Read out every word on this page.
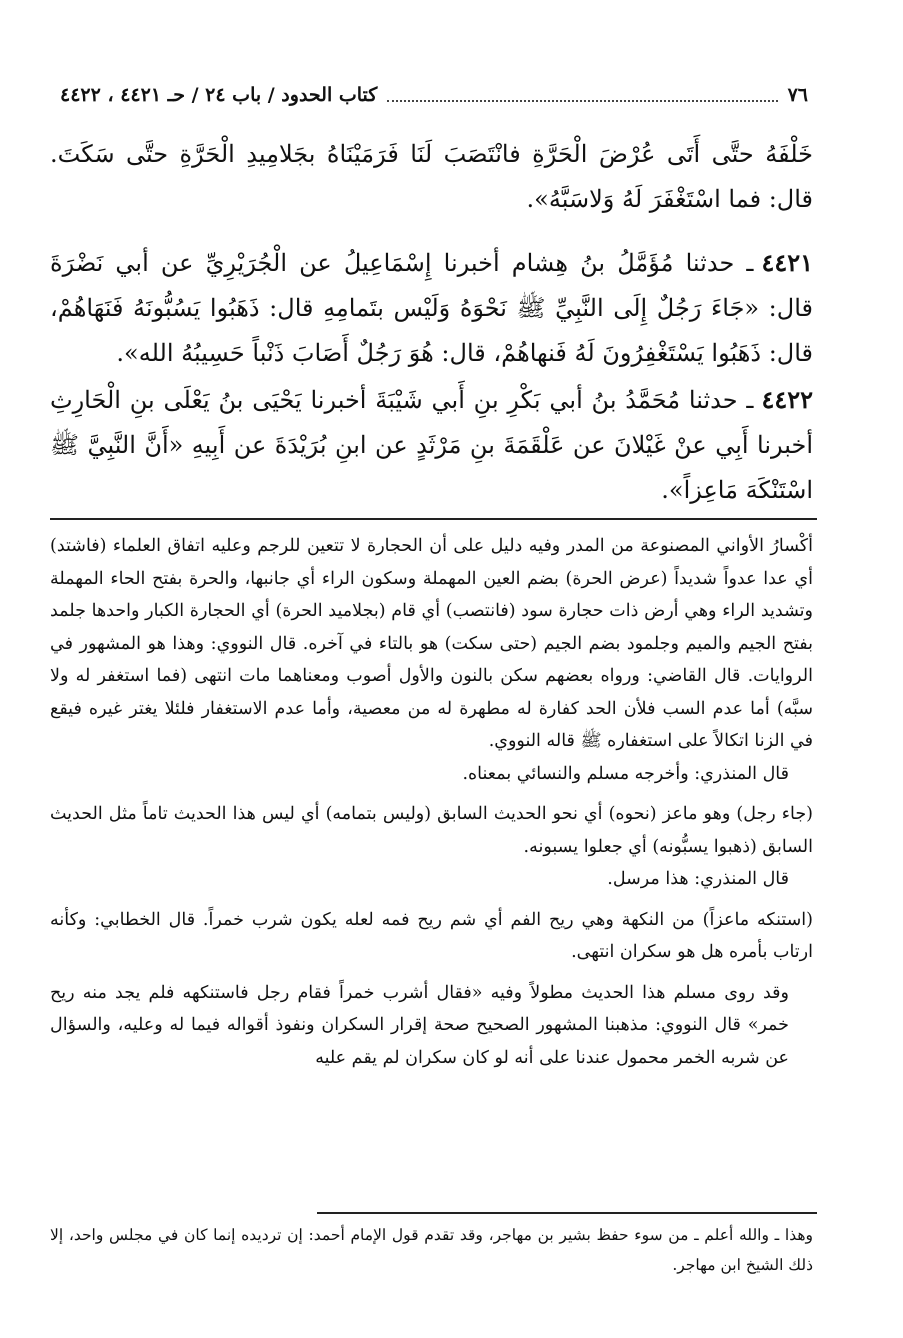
٧٦
كتاب الحدود / باب ٢٤ / حـ ٤٤٢١ ، ٤٤٢٢

خَلْفَهُ حتَّى أَتَى عُرْضَ الْحَرَّةِ فانْتَصَبَ لَنَا فَرَمَيْنَاهُ بجَلامِيدِ الْحَرَّةِ حتَّى سَكَتَ. قال: فما اسْتَغْفَرَ لَهُ وَلاسَبَّهُ».

٤٤٢١ـ حدثنا مُؤَمَّلُ بنُ هِشام أخبرنا إِسْمَاعِيلُ عن الْجُرَيْرِيِّ عن أبي نَضْرَةَ قال: «جَاءَ رَجُلٌ إِلَى النَّبِيِّ ﷺ نَحْوَهُ وَلَيْس بتَمامِهِ قال: ذَهَبُوا يَسُبُّونَهُ فَنَهَاهُمْ، قال: ذَهَبُوا يَسْتَغْفِرُونَ لَهُ فَنهاهُمْ، قال: هُوَ رَجُلٌ أَصَابَ ذَنْباً حَسِيبُهُ الله».

٤٤٢٢ـ حدثنا مُحَمَّدُ بنُ أبي بَكْرِ بنِ أَبي شَيْبَةَ أخبرنا يَحْيَى بنُ يَعْلَى بنِ الْحَارِثِ أخبرنا أَبِي عنْ غَيْلانَ عن عَلْقَمَةَ بنِ مَرْثَدٍ عن ابنِ بُرَيْدَةَ عن أَبِيهِ «أَنَّ النَّبِيَّ ﷺ اسْتَنْكَهَ مَاعِزاً».

أكْسارُ الأواني المصنوعة من المدر وفيه دليل على أن الحجارة لا تتعين للرجم وعليه اتفاق العلماء (فاشتد) أي عدا عدواً شديداً (عرض الحرة) بضم العين المهملة وسكون الراء أي جانبها، والحرة بفتح الحاء المهملة وتشديد الراء وهي أرض ذات حجارة سود (فانتصب) أي قام (بجلاميد الحرة) أي الحجارة الكبار واحدها جلمد بفتح الجيم والميم وجلمود بضم الجيم (حتى سكت) هو بالتاء في آخره. قال النووي: وهذا هو المشهور في الروايات. قال القاضي: ورواه بعضهم سكن بالنون والأول أصوب ومعناهما مات انتهى (فما استغفر له ولا سبَّه) أما عدم السب فلأن الحد كفارة له مطهرة له من معصية، وأما عدم الاستغفار فلئلا يغتر غيره فيقع في الزنا اتكالاً على استغفاره ﷺ قاله النووي.

قال المنذري: وأخرجه مسلم والنسائي بمعناه.

(جاء رجل) وهو ماعز (نحوه) أي نحو الحديث السابق (وليس بتمامه) أي ليس هذا الحديث تاماً مثل الحديث السابق (ذهبوا يسبُّونه) أي جعلوا يسبونه.

قال المنذري: هذا مرسل.

(استنكه ماعزاً) من النكهة وهي ريح الفم أي شم ريح فمه لعله يكون شرب خمراً. قال الخطابي: وكأنه ارتاب بأمره هل هو سكران انتهى.

وقد روى مسلم هذا الحديث مطولاً وفيه «فقال أشرب خمراً فقام رجل فاستنكهه فلم يجد منه ريح خمر» قال النووي: مذهبنا المشهور الصحيح صحة إقرار السكران ونفوذ أقواله فيما له وعليه، والسؤال عن شربه الخمر محمول عندنا على أنه لو كان سكران لم يقم عليه

وهذا ـ والله أعلم ـ من سوء حفظ بشير بن مهاجر، وقد تقدم قول الإمام أحمد: إن ترديده إنما كان في مجلس واحد، إلا ذلك الشيخ ابن مهاجر.
